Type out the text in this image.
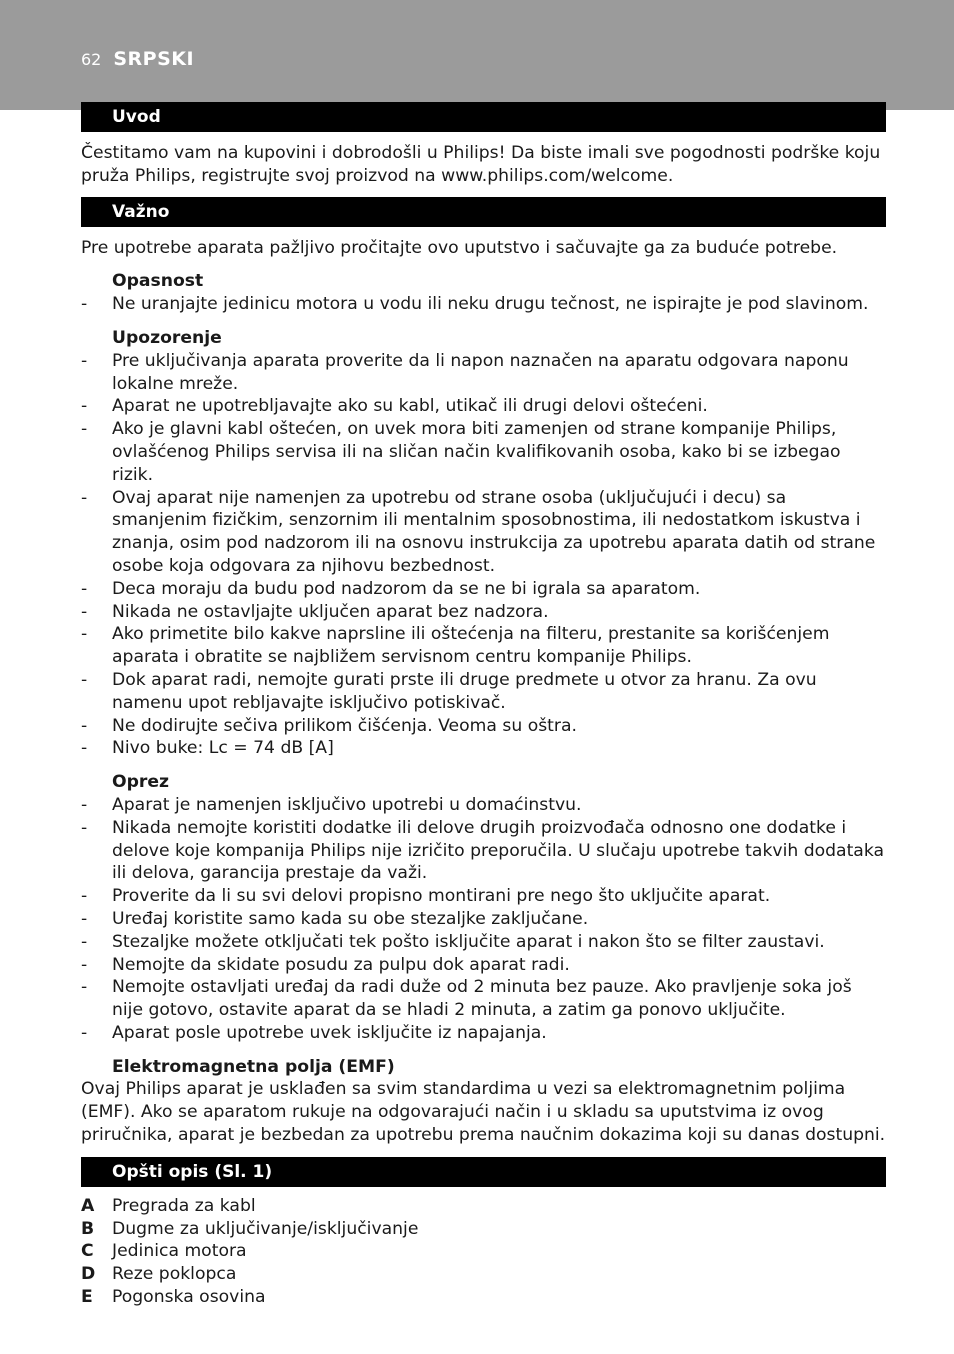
62 SRPSKI
Uvod

Čestitamo vam na kupovini i dobrodošli u Philips! Da biste imali sve pogodnosti podrške koju pruža Philips, registrujte svoj proizvod na www.philips.com/welcome.

Važno

Pre upotrebe aparata pažljivo pročitajte ovo uputstvo i sačuvajte ga za buduće potrebe.

Opasnost
- Ne uranjajte jedinicu motora u vodu ili neku drugu tečnost, ne ispirajte je pod slavinom.
Upozorenje
- Pre uključivanja aparata proverite da li napon naznačen na aparatu odgovara naponu lokalne mreže.
- Aparat ne upotrebljavajte ako su kabl, utikač ili drugi delovi oštećeni.
- Ako je glavni kabl oštećen, on uvek mora biti zamenjen od strane kompanije Philips, ovlašćenog Philips servisa ili na sličan način kvalifikovanih osoba, kako bi se izbegao rizik.
- Ovaj aparat nije namenjen za upotrebu od strane osoba (uključujući i decu) sa smanjenim fizičkim, senzornim ili mentalnim sposobnostima, ili nedostatkom iskustva i znanja, osim pod nadzorom ili na osnovu instrukcija za upotrebu aparata datih od strane osobe koja odgovara za njihovu bezbednost.
- Deca moraju da budu pod nadzorom da se ne bi igrala sa aparatom.
- Nikada ne ostavljajte uključen aparat bez nadzora.
- Ako primetite bilo kakve naprsline ili oštećenja na filteru, prestanite sa korišćenjem aparata i obratite se najbližem servisnom centru kompanije Philips.
- Dok aparat radi, nemojte gurati prste ili druge predmete u otvor za hranu. Za ovu namenu upot rebljavajte isključivo potiskivač.
- Ne dodirujte sečiva prilikom čišćenja. Veoma su oštra.
- Nivo buke: Lc = 74 dB [A]
Oprez
- Aparat je namenjen isključivo upotrebi u domaćinstvu.
- Nikada nemojte koristiti dodatke ili delove drugih proizvođača odnosno one dodatke i delove koje kompanija Philips nije izričito preporučila. U slučaju upotrebe takvih dodataka ili delova, garancija prestaje da važi.
- Proverite da li su svi delovi propisno montirani pre nego što uključite aparat.
- Uređaj koristite samo kada su obe stezaljke zaključane.
- Stezaljke možete otključati tek pošto isključite aparat i nakon što se filter zaustavi.
- Nemojte da skidate posudu za pulpu dok aparat radi.
- Nemojte ostavljati uređaj da radi duže od 2 minuta bez pauze. Ako pravljenje soka još nije gotovo, ostavite aparat da se hladi 2 minuta, a zatim ga ponovo uključite.
- Aparat posle upotrebe uvek isključite iz napajanja.
Elektromagnetna polja (EMF)

Ovaj Philips aparat je usklađen sa svim standardima u vezi sa elektromagnetnim poljima (EMF). Ako se aparatom rukuje na odgovarajući način i u skladu sa uputstvima iz ovog priručnika, aparat je bezbedan za upotrebu prema naučnim dokazima koji su danas dostupni.

Opšti opis (Sl. 1)
A Pregrada za kabl
B Dugme za uključivanje/isključivanje
C Jedinica motora
D Reze poklopca
E Pogonska osovina
